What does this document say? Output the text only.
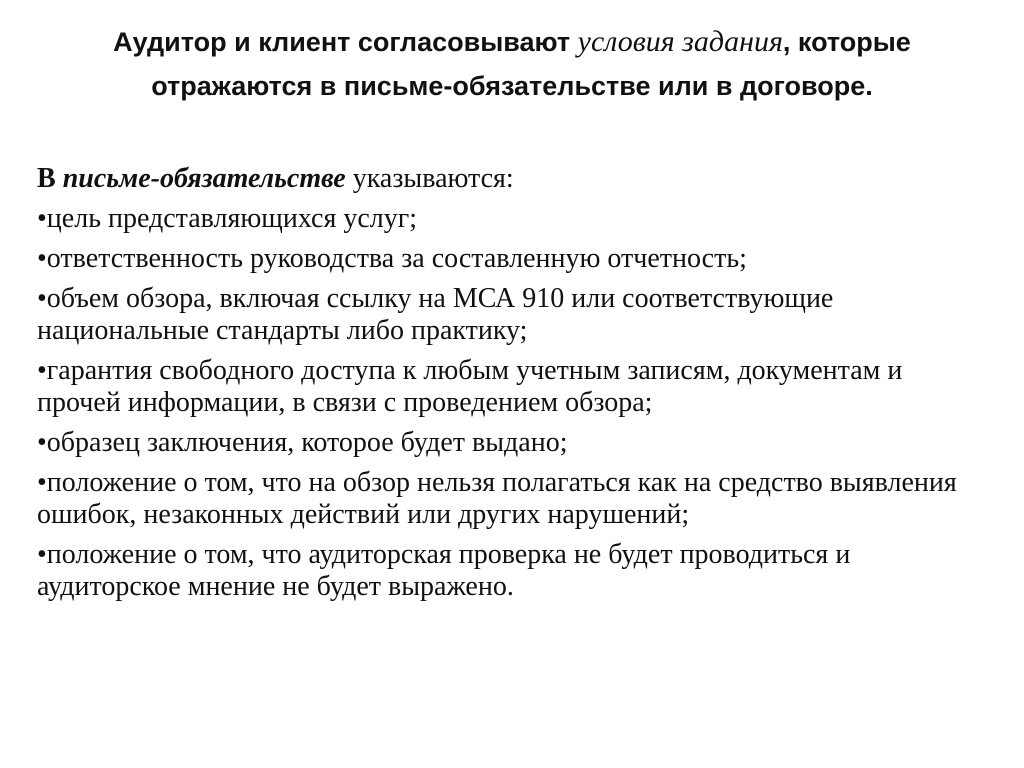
Аудитор и клиент согласовывают условия задания, которые отражаются в письме-обязательстве или в договоре.

В письме-обязательстве указываются:

•цель представляющихся услуг;
•ответственность руководства за составленную отчетность;
•объем обзора, включая ссылку на МСА 910 или соответствующие национальные стандарты либо практику;
•гарантия свободного доступа к любым учетным записям, документам и прочей информации, в связи с проведением обзора;
•образец заключения, которое будет выдано;
•положение о том, что на обзор нельзя полагаться как на средство выявления ошибок, незаконных действий или других нарушений;
•положение о том, что аудиторская проверка не будет проводиться и аудиторское мнение не будет выражено.
